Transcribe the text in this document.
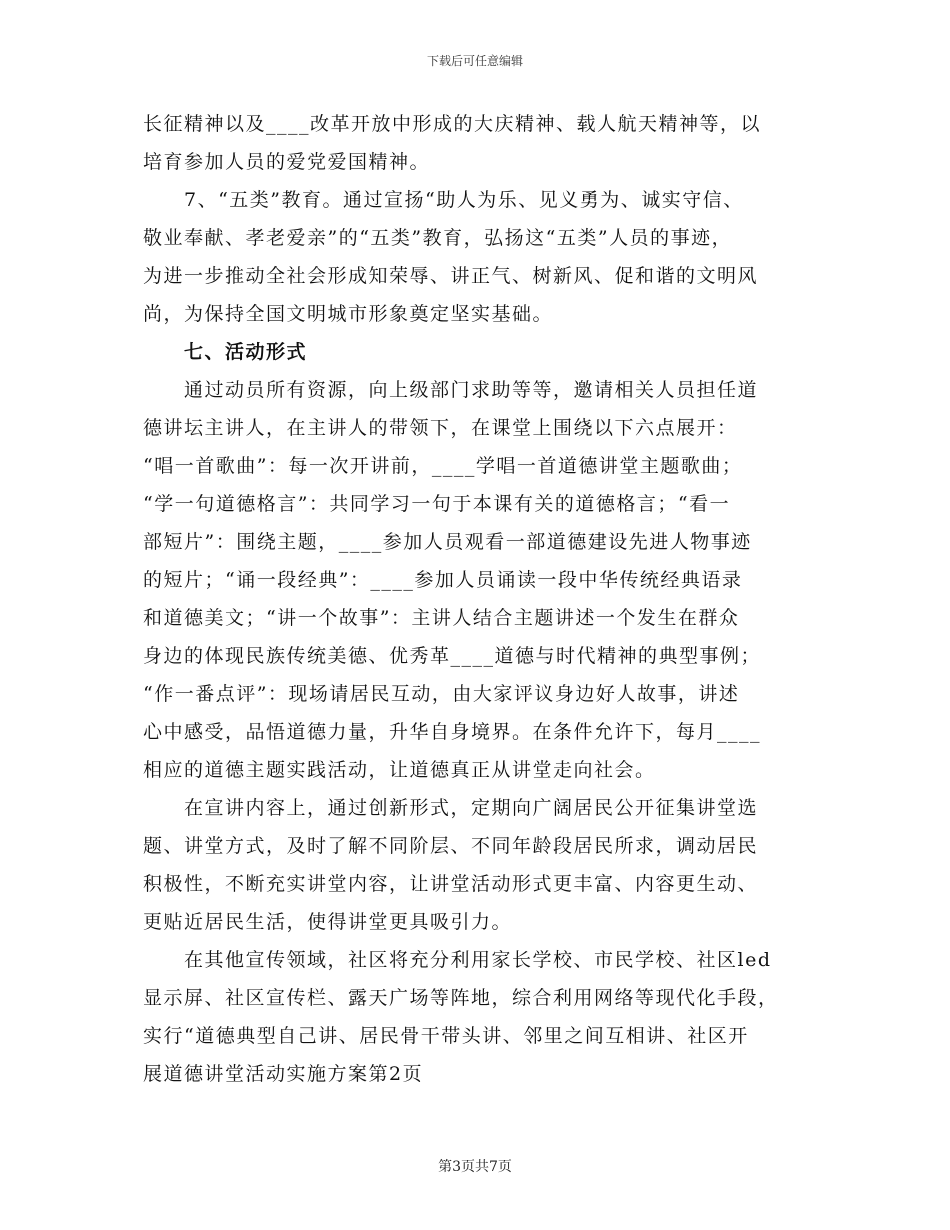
下载后可任意编辑
长征精神以及____改革开放中形成的大庆精神、载人航天精神等，以
培育参加人员的爱党爱国精神。
　　7、“五类”教育。通过宣扬“助人为乐、见义勇为、诚实守信、
敬业奉献、孝老爱亲”的“五类”教育，弘扬这“五类”人员的事迹，
为进一步推动全社会形成知荣辱、讲正气、树新风、促和谐的文明风
尚，为保持全国文明城市形象奠定坚实基础。
　　七、活动形式
　　通过动员所有资源，向上级部门求助等等，邀请相关人员担任道
德讲坛主讲人，在主讲人的带领下，在课堂上围绕以下六点展开：
“唱一首歌曲”：每一次开讲前，____学唱一首道德讲堂主题歌曲；
“学一句道德格言”：共同学习一句于本课有关的道德格言；“看一
部短片”：围绕主题，____参加人员观看一部道德建设先进人物事迹
的短片；“诵一段经典”：____参加人员诵读一段中华传统经典语录
和道德美文；“讲一个故事”：主讲人结合主题讲述一个发生在群众
身边的体现民族传统美德、优秀革____道德与时代精神的典型事例；
“作一番点评”：现场请居民互动，由大家评议身边好人故事，讲述
心中感受，品悟道德力量，升华自身境界。在条件允许下，每月____
相应的道德主题实践活动，让道德真正从讲堂走向社会。
　　在宣讲内容上，通过创新形式，定期向广阔居民公开征集讲堂选
题、讲堂方式，及时了解不同阶层、不同年龄段居民所求，调动居民
积极性，不断充实讲堂内容，让讲堂活动形式更丰富、内容更生动、
更贴近居民生活，使得讲堂更具吸引力。
　　在其他宣传领域，社区将充分利用家长学校、市民学校、社区led
显示屏、社区宣传栏、露天广场等阵地，综合利用网络等现代化手段，
实行“道德典型自己讲、居民骨干带头讲、邻里之间互相讲、社区开
展道德讲堂活动实施方案第2页
第3页共7页
